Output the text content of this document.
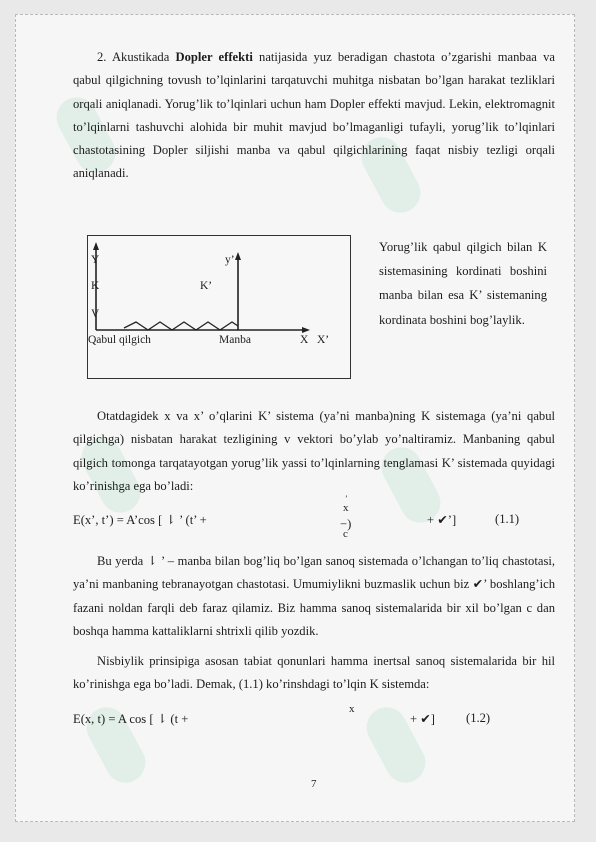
2. Akustikada Dopler effekti natijasida yuz beradigan chastota o’zgarishi manbaa va qabul qilgichning tovush to’lqinlarini tarqatuvchi muhitga nisbatan bo’lgan harakat tezliklari orqali aniqlanadi. Yorug’lik to’lqinlari uchun ham Dopler effekti mavjud. Lekin, elektromagnit to’lqinlarni tashuvchi alohida bir muhit mavjud bo’lmaganligi tufayli, yorug’lik to’lqinlari chastotasining Dopler siljishi manba va qabul qilgichlarining faqat nisbiy tezligi orqali aniqlanadi.

Y	y’
K	K’
V
Qabul qilgich	Manba	X X’

Yorug’lik qabul qilgich bilan K sistemasining kordinati boshini manba bilan esa K’ sistemaning kordinata boshini bog’laylik.

Otatdagidek x va x’ o’qlarini K’ sistema (ya’ni manba)ning K sistemaga (ya’ni qabul qilgichga) nisbatan harakat tezligining v vektori bo’ylab yo’naltiramiz. Manbaning qabul qilgich tomonga tarqatayotgan yorug’lik yassi to’lqinlarning tenglamasi K’ sistemada quyidagi ko’rinishga ega bo’ladi:

E(x’, t’) = A’cos [ ⇂ ’ (t’ +	−)
’
x
c
+ ✔’]	(1.1)

Bu yerda ⇂ ’ – manba bilan bog’liq bo’lgan sanoq sistemada o’lchangan to’liq chastotasi, ya’ni manbaning tebranayotgan chastotasi. Umumiylikni buzmaslik uchun biz ✔’ boshlang’ich fazani noldan farqli deb faraz qilamiz. Biz hamma sanoq sistemalarida bir xil bo’lgan c dan boshqa hamma kattaliklarni shtrixli qilib yozdik.

Nisbiylik prinsipiga asosan tabiat qonunlari hamma inertsal sanoq sistemalarida bir hil ko’rinishga ega bo’ladi. Demak, (1.1) ko’rinshdagi to’lqin K sistemda:

E(x, t) = A cos [ ⇂ (t +
x
+ ✔] (1.2)
7
